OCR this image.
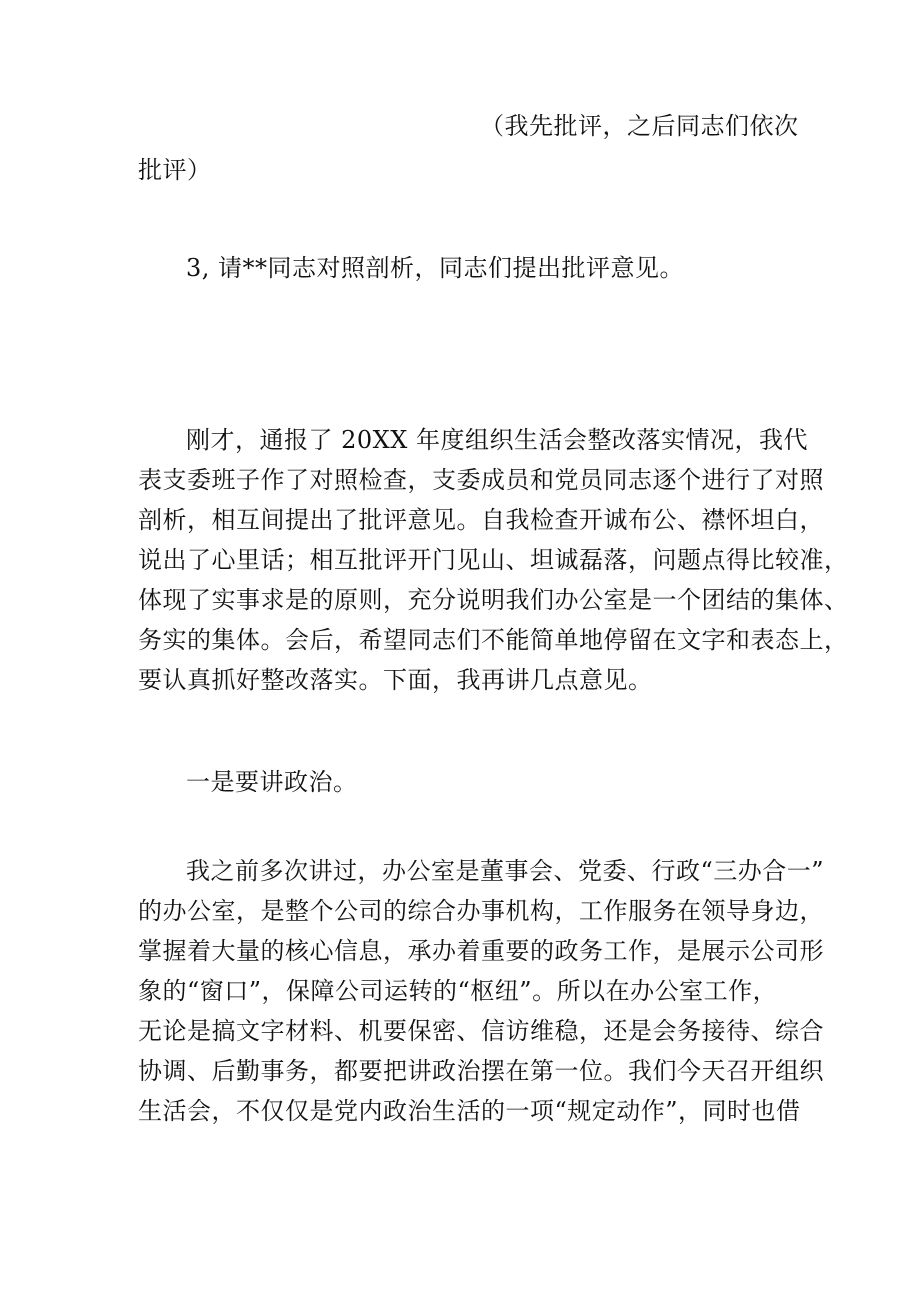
（我先批评，之后同志们依次
批评）
3, 请**同志对照剖析，同志们提出批评意见。
刚才，通报了 20XX 年度组织生活会整改落实情况，我代
表支委班子作了对照检查，支委成员和党员同志逐个进行了对照
剖析，相互间提出了批评意见。自我检查开诚布公、襟怀坦白，
说出了心里话；相互批评开门见山、坦诚磊落，问题点得比较准，
体现了实事求是的原则，充分说明我们办公室是一个团结的集体、
务实的集体。会后，希望同志们不能简单地停留在文字和表态上，
要认真抓好整改落实。下面，我再讲几点意见。
一是要讲政治。
我之前多次讲过，办公室是董事会、党委、行政“三办合一”
的办公室，是整个公司的综合办事机构，工作服务在领导身边，
掌握着大量的核心信息，承办着重要的政务工作，是展示公司形
象的“窗口”，保障公司运转的“枢纽”。所以在办公室工作，
无论是搞文字材料、机要保密、信访维稳，还是会务接待、综合
协调、后勤事务，都要把讲政治摆在第一位。我们今天召开组织
生活会，不仅仅是党内政治生活的一项“规定动作”，同时也借
